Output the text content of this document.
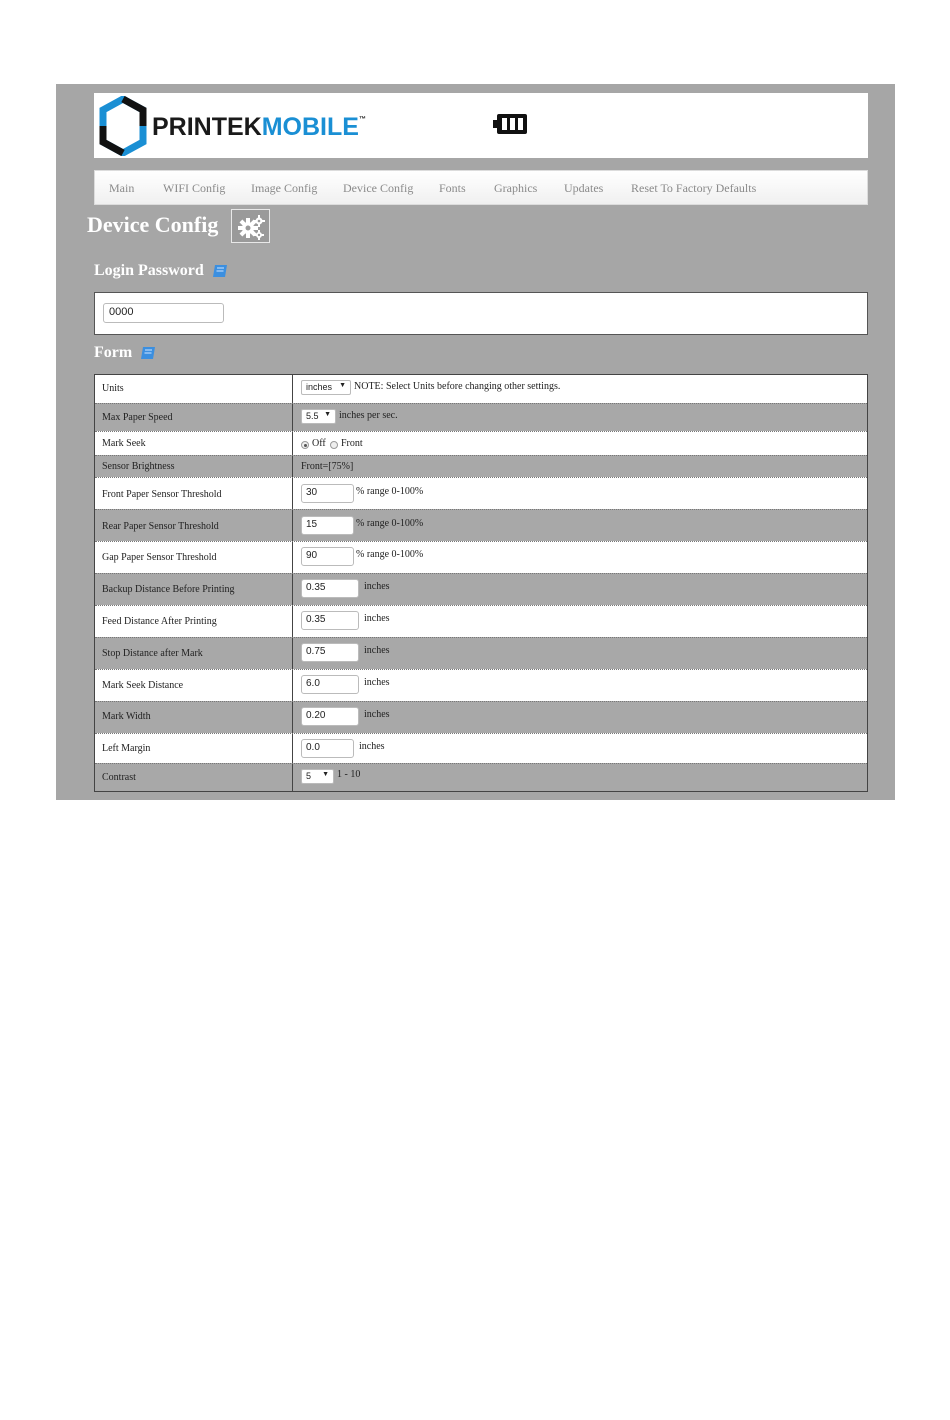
PRINTEKMOBILE™
Main WIFI Config Image Config Device Config Fonts Graphics Updates Reset To Factory Defaults
Device Config
Login Password
0000
Form
Units	inches ▼ NOTE: Select Units before changing other settings.
Max Paper Speed	5.5 ▼ inches per sec.
Mark Seek	Off Front
Sensor Brightness	Front=[75%]
Front Paper Sensor Threshold	30	% range 0-100%
Rear Paper Sensor Threshold	15	% range 0-100%
Gap Paper Sensor Threshold	90	% range 0-100%
Backup Distance Before Printing	0.35	inches
Feed Distance After Printing	0.35	inches
Stop Distance after Mark	0.75	inches
Mark Seek Distance	6.0	inches
Mark Width	0.20	inches
Left Margin	0.0	inches
Contrast	5 ▼ 1 - 10
